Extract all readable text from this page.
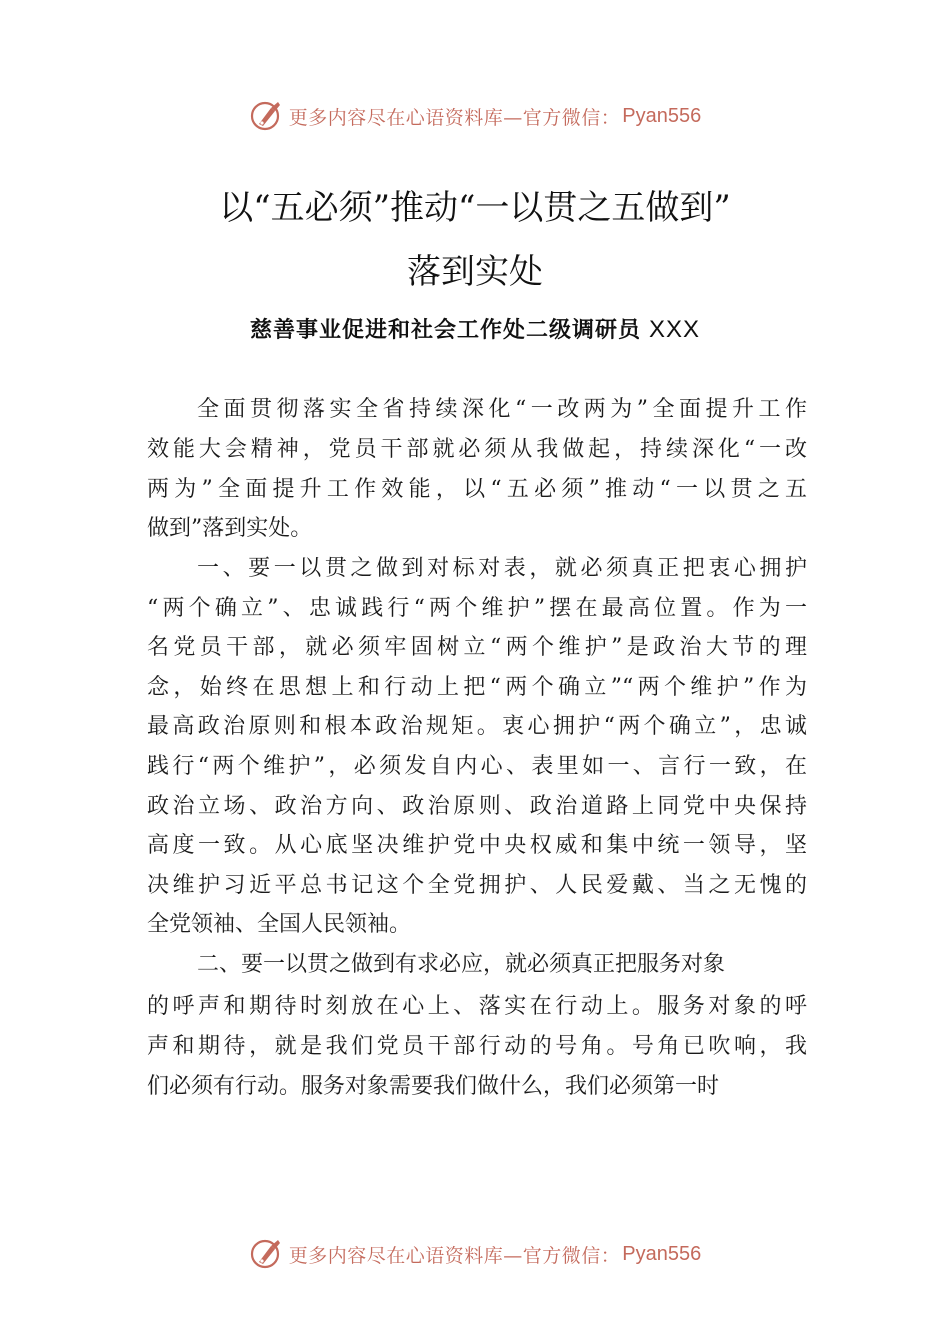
更多内容尽在心语资料库—官方微信： Pyan556
以“五必须”推动“一以贯之五做到”
落到实处
慈善事业促进和社会工作处二级调研员 XXX
全面贯彻落实全省持续深化“一改两为”全面提升工作
效能大会精神，党员干部就必须从我做起，持续深化“一改
两为”全面提升工作效能，以“五必须”推动“一以贯之五
做到”落到实处。
一、要一以贯之做到对标对表，就必须真正把衷心拥护
“两个确立”、忠诚践行“两个维护”摆在最高位置。作为一
名党员干部，就必须牢固树立“两个维护”是政治大节的理
念，始终在思想上和行动上把“两个确立”“两个维护”作为
最高政治原则和根本政治规矩。衷心拥护“两个确立”，忠诚
践行“两个维护”，必须发自内心、表里如一、言行一致，在
政治立场、政治方向、政治原则、政治道路上同党中央保持
高度一致。从心底坚决维护党中央权威和集中统一领导，坚
决维护习近平总书记这个全党拥护、人民爱戴、当之无愧的
全党领袖、全国人民领袖。
二、要一以贯之做到有求必应，就必须真正把服务对象
的呼声和期待时刻放在心上、落实在行动上。服务对象的呼
声和期待，就是我们党员干部行动的号角。号角已吹响，我
们必须有行动。服务对象需要我们做什么，我们必须第一时
更多内容尽在心语资料库—官方微信： Pyan556
